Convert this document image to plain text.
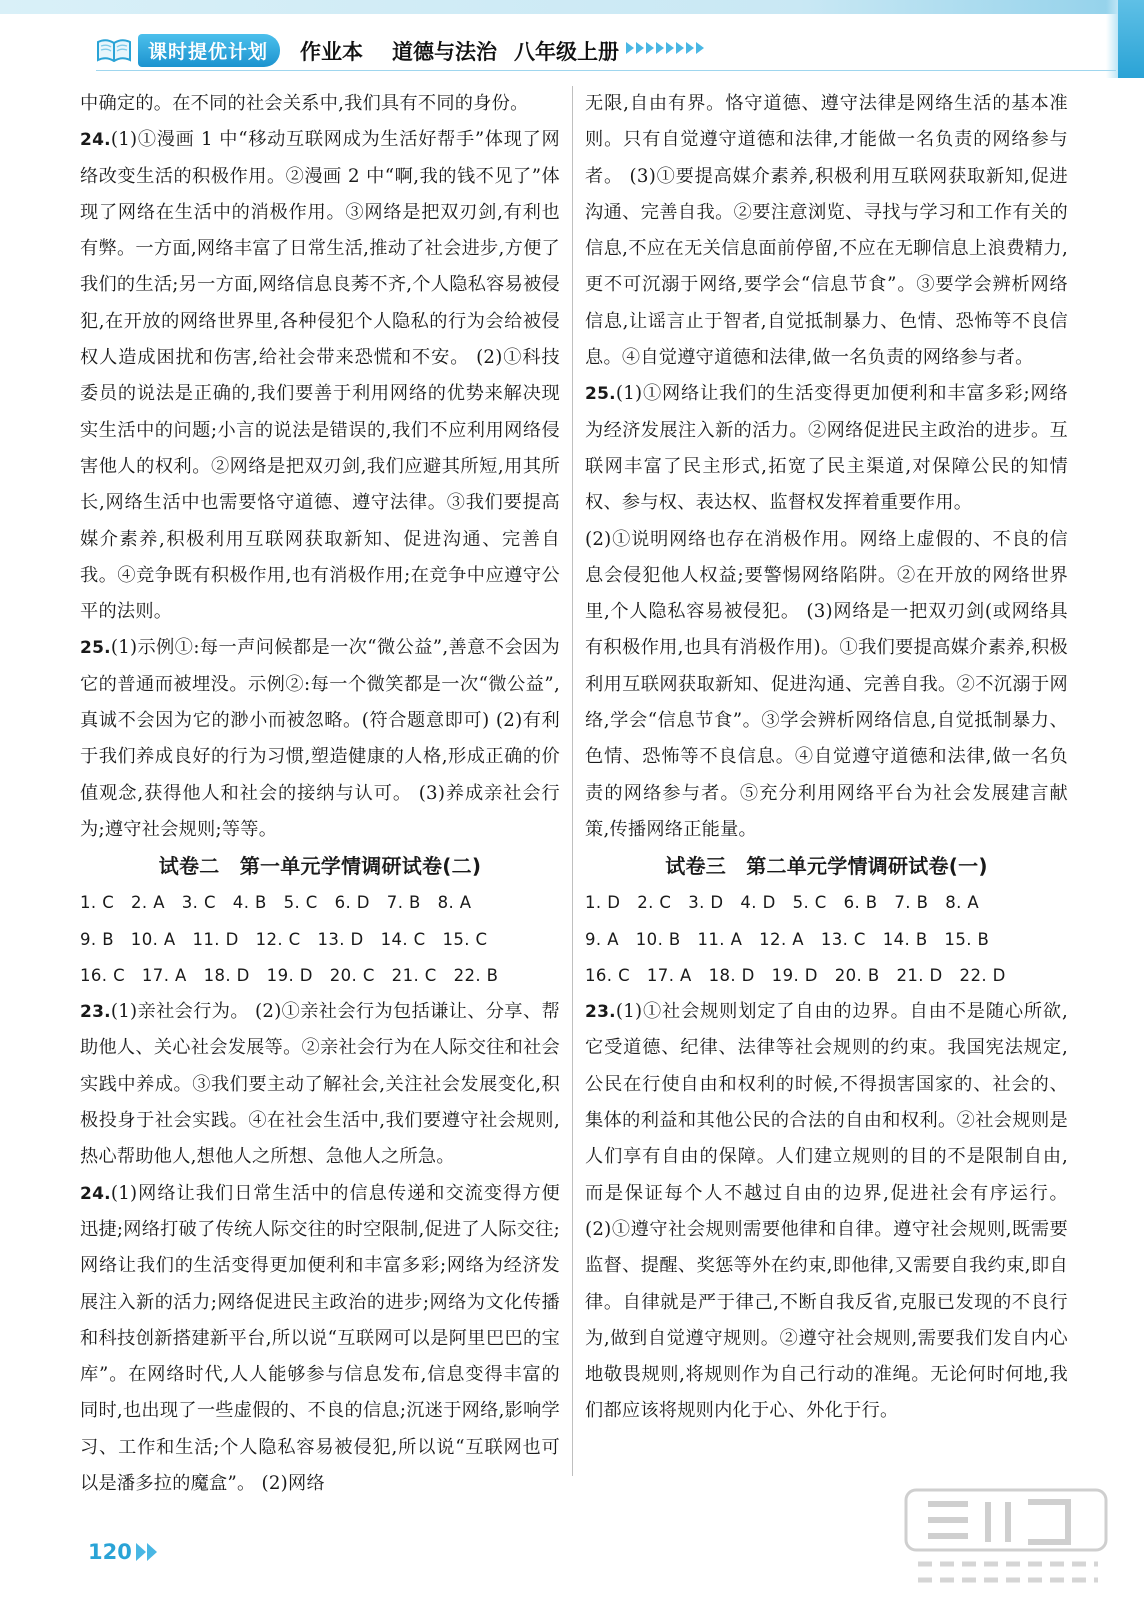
课时提优计划	作业本 道德与法治 八年级上册

中确定的。在不同的社会关系中,我们具有不同的身份。

24.(1)①漫画 1 中“移动互联网成为生活好帮手”体现了网络改变生活的积极作用。②漫画 2 中“啊,我的钱不见了”体现了网络在生活中的消极作用。③网络是把双刃剑,有利也有弊。一方面,网络丰富了日常生活,推动了社会进步,方便了我们的生活;另一方面,网络信息良莠不齐,个人隐私容易被侵犯,在开放的网络世界里,各种侵犯个人隐私的行为会给被侵权人造成困扰和伤害,给社会带来恐慌和不安。 (2)①科技委员的说法是正确的,我们要善于利用网络的优势来解决现实生活中的问题;小言的说法是错误的,我们不应利用网络侵害他人的权利。②网络是把双刃剑,我们应避其所短,用其所长,网络生活中也需要恪守道德、遵守法律。③我们要提高媒介素养,积极利用互联网获取新知、促进沟通、完善自我。④竞争既有积极作用,也有消极作用;在竞争中应遵守公平的法则。

25.(1)示例①:每一声问候都是一次“微公益”,善意不会因为它的普通而被埋没。示例②:每一个微笑都是一次“微公益”,真诚不会因为它的渺小而被忽略。(符合题意即可) (2)有利于我们养成良好的行为习惯,塑造健康的人格,形成正确的价值观念,获得他人和社会的接纳与认可。 (3)养成亲社会行为;遵守社会规则;等等。

试卷二　第一单元学情调研试卷(二)

1. C　2. A　3. C　4. B　5. C　6. D　7. B　8. A

9. B　10. A　11. D　12. C　13. D　14. C　15. C

16. C　17. A　18. D　19. D　20. C　21. C　22. B

23.(1)亲社会行为。 (2)①亲社会行为包括谦让、分享、帮助他人、关心社会发展等。②亲社会行为在人际交往和社会实践中养成。③我们要主动了解社会,关注社会发展变化,积极投身于社会实践。④在社会生活中,我们要遵守社会规则,热心帮助他人,想他人之所想、急他人之所急。

24.(1)网络让我们日常生活中的信息传递和交流变得方便迅捷;网络打破了传统人际交往的时空限制,促进了人际交往;网络让我们的生活变得更加便利和丰富多彩;网络为经济发展注入新的活力;网络促进民主政治的进步;网络为文化传播和科技创新搭建新平台,所以说“互联网可以是阿里巴巴的宝库”。在网络时代,人人能够参与信息发布,信息变得丰富的同时,也出现了一些虚假的、不良的信息;沉迷于网络,影响学习、工作和生活;个人隐私容易被侵犯,所以说“互联网也可以是潘多拉的魔盒”。 (2)网络

无限,自由有界。恪守道德、遵守法律是网络生活的基本准则。只有自觉遵守道德和法律,才能做一名负责的网络参与者。 (3)①要提高媒介素养,积极利用互联网获取新知,促进沟通、完善自我。②要注意浏览、寻找与学习和工作有关的信息,不应在无关信息面前停留,不应在无聊信息上浪费精力,更不可沉溺于网络,要学会“信息节食”。③要学会辨析网络信息,让谣言止于智者,自觉抵制暴力、色情、恐怖等不良信息。④自觉遵守道德和法律,做一名负责的网络参与者。

25.(1)①网络让我们的生活变得更加便利和丰富多彩;网络为经济发展注入新的活力。②网络促进民主政治的进步。互联网丰富了民主形式,拓宽了民主渠道,对保障公民的知情权、参与权、表达权、监督权发挥着重要作用。

(2)①说明网络也存在消极作用。网络上虚假的、不良的信息会侵犯他人权益;要警惕网络陷阱。②在开放的网络世界里,个人隐私容易被侵犯。 (3)网络是一把双刃剑(或网络具有积极作用,也具有消极作用)。①我们要提高媒介素养,积极利用互联网获取新知、促进沟通、完善自我。②不沉溺于网络,学会“信息节食”。③学会辨析网络信息,自觉抵制暴力、色情、恐怖等不良信息。④自觉遵守道德和法律,做一名负责的网络参与者。⑤充分利用网络平台为社会发展建言献策,传播网络正能量。

试卷三　第二单元学情调研试卷(一)

1. D　2. C　3. D　4. D　5. C　6. B　7. B　8. A

9. A　10. B　11. A　12. A　13. C　14. B　15. B

16. C　17. A　18. D　19. D　20. B　21. D　22. D

23.(1)①社会规则划定了自由的边界。自由不是随心所欲,它受道德、纪律、法律等社会规则的约束。我国宪法规定,公民在行使自由和权利的时候,不得损害国家的、社会的、集体的利益和其他公民的合法的自由和权利。②社会规则是人们享有自由的保障。人们建立规则的目的不是限制自由,而是保证每个人不越过自由的边界,促进社会有序运行。 (2)①遵守社会规则需要他律和自律。遵守社会规则,既需要监督、提醒、奖惩等外在约束,即他律,又需要自我约束,即自律。自律就是严于律己,不断自我反省,克服已发现的不良行为,做到自觉遵守规则。②遵守社会规则,需要我们发自内心地敬畏规则,将规则作为自己行动的准绳。无论何时何地,我们都应该将规则内化于心、外化于行。

120
